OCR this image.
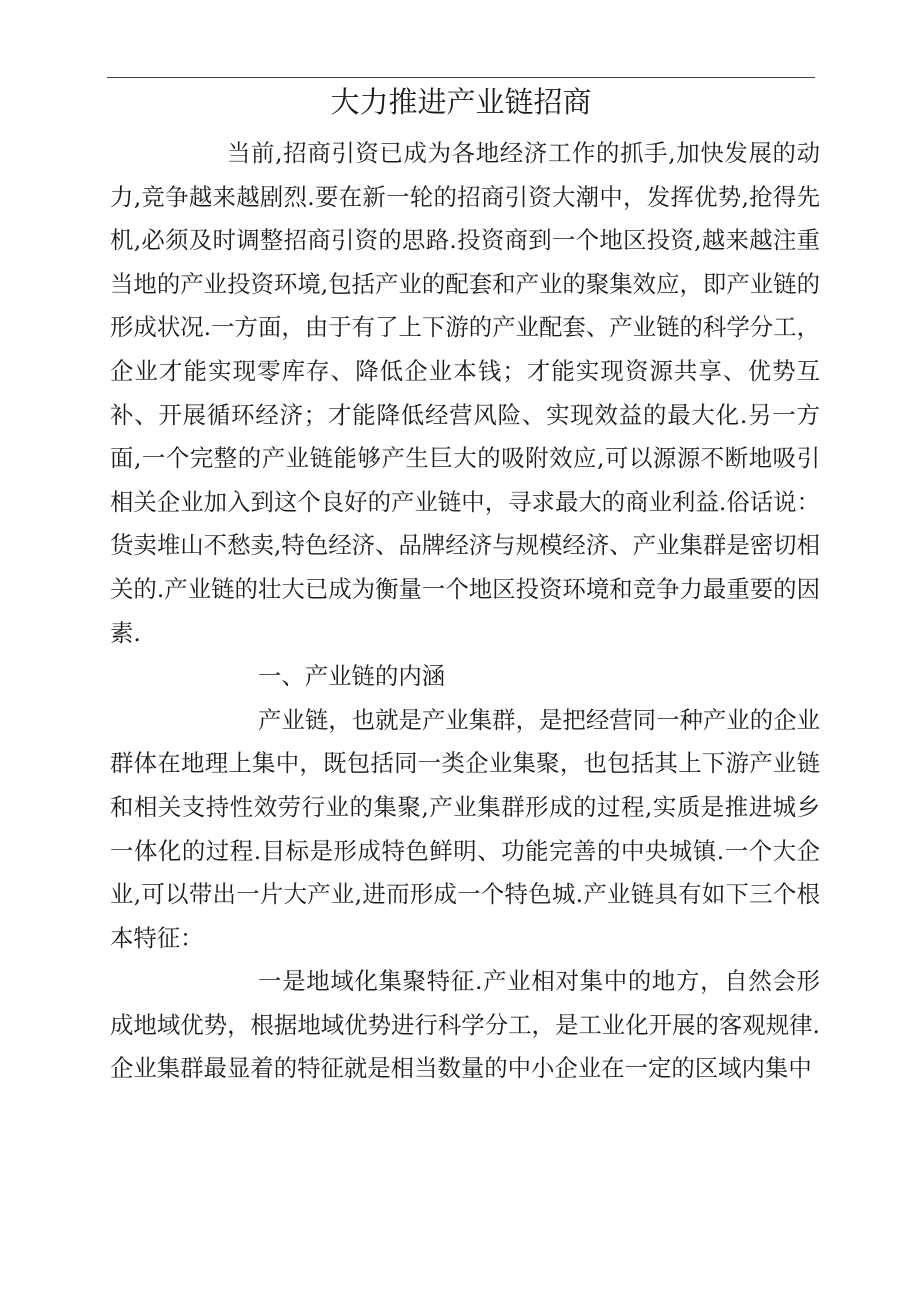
大力推进产业链招商

当前,招商引资已成为各地经济工作的抓手,加快发展的动力,竞争越来越剧烈.要在新一轮的招商引资大潮中，发挥优势,抢得先机,必须及时调整招商引资的思路.投资商到一个地区投资,越来越注重当地的产业投资环境,包括产业的配套和产业的聚集效应，即产业链的形成状况.一方面，由于有了上下游的产业配套、产业链的科学分工，企业才能实现零库存、降低企业本钱；才能实现资源共享、优势互补、开展循环经济；才能降低经营风险、实现效益的最大化.另一方面,一个完整的产业链能够产生巨大的吸附效应,可以源源不断地吸引相关企业加入到这个良好的产业链中，寻求最大的商业利益.俗话说：货卖堆山不愁卖,特色经济、品牌经济与规模经济、产业集群是密切相关的.产业链的壮大已成为衡量一个地区投资环境和竞争力最重要的因素.

一、产业链的内涵

产业链，也就是产业集群，是把经营同一种产业的企业群体在地理上集中，既包括同一类企业集聚，也包括其上下游产业链和相关支持性效劳行业的集聚,产业集群形成的过程,实质是推进城乡一体化的过程.目标是形成特色鲜明、功能完善的中央城镇.一个大企业,可以带出一片大产业,进而形成一个特色城.产业链具有如下三个根本特征：

一是地域化集聚特征.产业相对集中的地方，自然会形成地域优势，根据地域优势进行科学分工，是工业化开展的客观规律.企业集群最显着的特征就是相当数量的中小企业在一定的区域内集中
